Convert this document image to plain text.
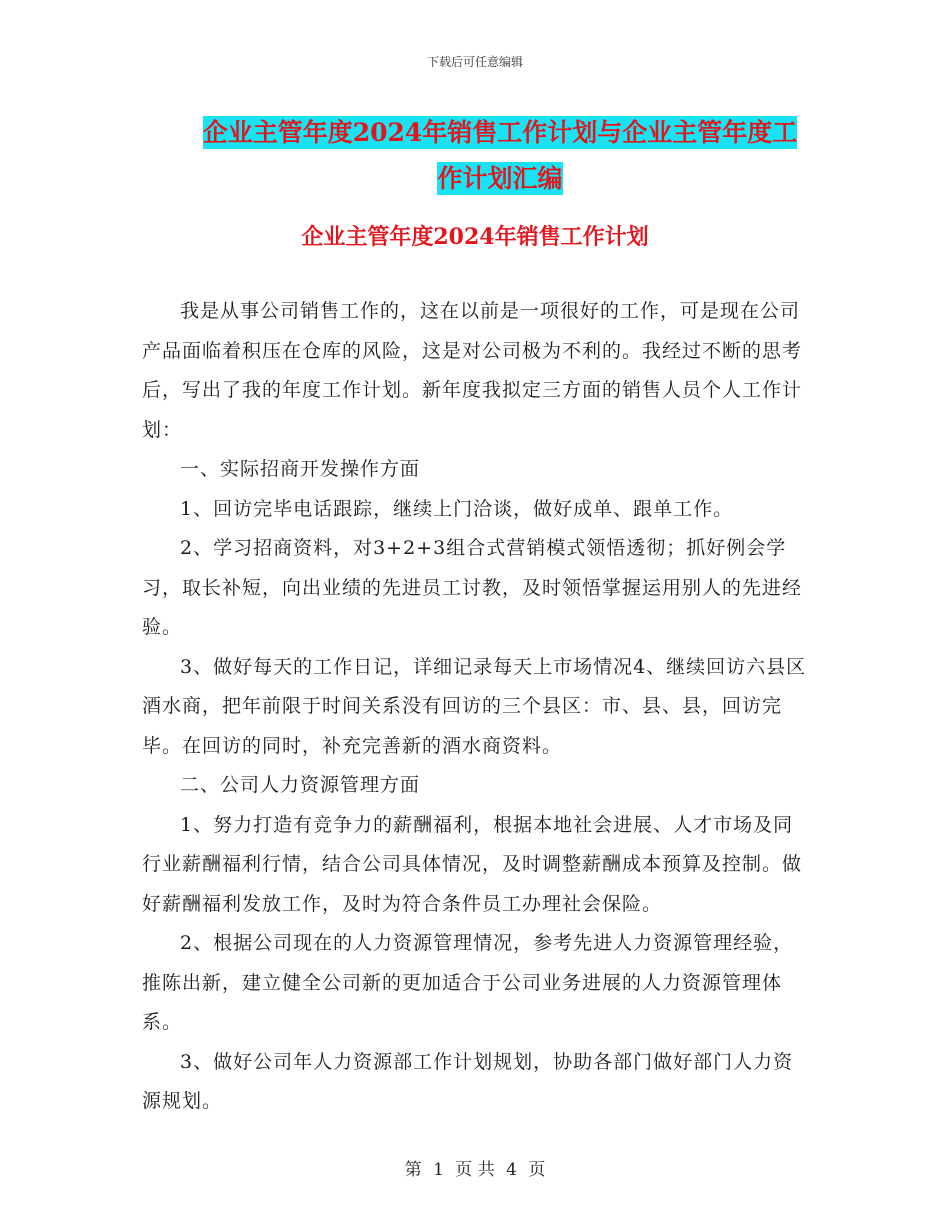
下载后可任意编辑
企业主管年度2024年销售工作计划与企业主管年度工
作计划汇编
企业主管年度2024年销售工作计划

我是从事公司销售工作的，这在以前是一项很好的工作，可是现在公司产品面临着积压在仓库的风险，这是对公司极为不利的。我经过不断的思考后，写出了我的年度工作计划。新年度我拟定三方面的销售人员个人工作计划：

一、实际招商开发操作方面

1、回访完毕电话跟踪，继续上门洽谈，做好成单、跟单工作。

2、学习招商资料，对3+2+3组合式营销模式领悟透彻；抓好例会学习，取长补短，向出业绩的先进员工讨教，及时领悟掌握运用别人的先进经验。

3、做好每天的工作日记，详细记录每天上市场情况4、继续回访六县区酒水商，把年前限于时间关系没有回访的三个县区：市、县、县，回访完毕。在回访的同时，补充完善新的酒水商资料。

二、公司人力资源管理方面

1、努力打造有竞争力的薪酬福利，根据本地社会进展、人才市场及同行业薪酬福利行情，结合公司具体情况，及时调整薪酬成本预算及控制。做好薪酬福利发放工作，及时为符合条件员工办理社会保险。

2、根据公司现在的人力资源管理情况，参考先进人力资源管理经验，推陈出新，建立健全公司新的更加适合于公司业务进展的人力资源管理体系。

3、做好公司年人力资源部工作计划规划，协助各部门做好部门人力资源规划。

第 1 页 共 4 页
